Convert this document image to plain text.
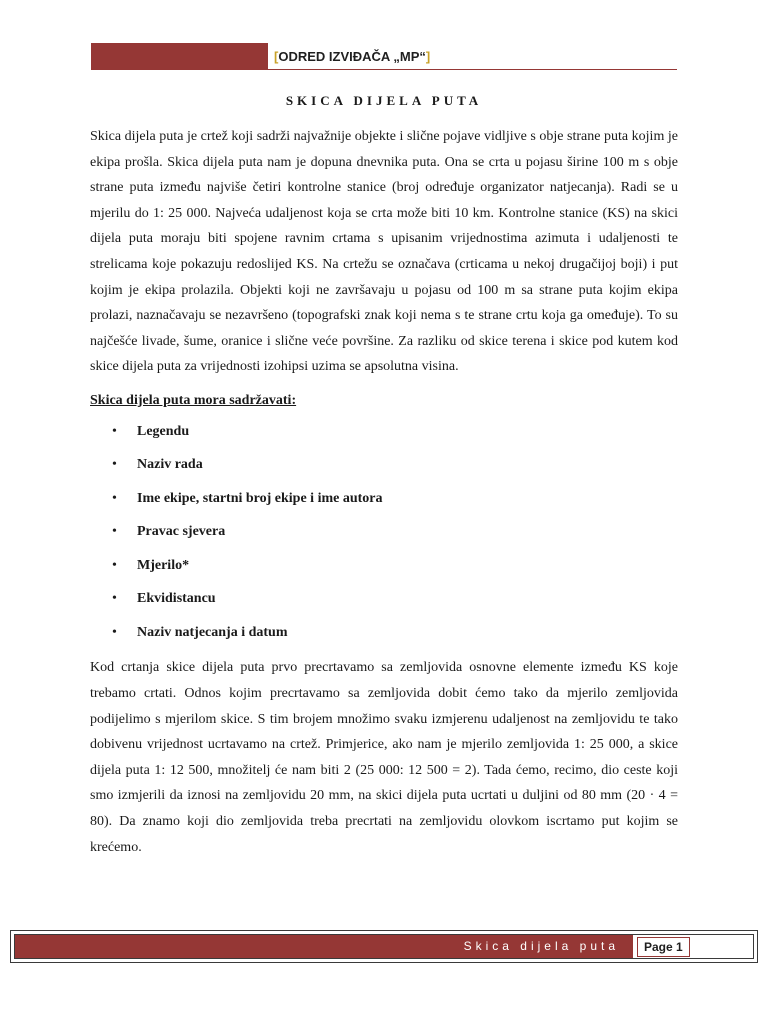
[ODRED IZVIĐAČA „MP“]
SKICA DIJELA PUTA

Skica dijela puta je crtež koji sadrži najvažnije objekte i slične pojave vidljive s obje strane puta kojim je ekipa prošla. Skica dijela puta nam je dopuna dnevnika puta. Ona se crta u pojasu širine 100 m s obje strane puta između najviše četiri kontrolne stanice (broj određuje organizator natjecanja). Radi se u mjerilu do 1: 25 000. Najveća udaljenost koja se crta može biti 10 km. Kontrolne stanice (KS) na skici dijela puta moraju biti spojene ravnim crtama s upisanim vrijednostima azimuta i udaljenosti te strelicama koje pokazuju redoslijed KS. Na crtežu se označava (crticama u nekoj drugačijoj boji) i put kojim je ekipa prolazila. Objekti koji ne završavaju u pojasu od 100 m sa strane puta kojim ekipa prolazi, naznačavaju se nezavršeno (topografski znak koji nema s te strane crtu koja ga omeđuje). To su najčešće livade, šume, oranice i slične veće površine. Za razliku od skice terena i skice pod kutem kod skice dijela puta za vrijednosti izohipsi uzima se apsolutna visina.

Skica dijela puta mora sadržavati:
• Legendu
• Naziv rada
• Ime ekipe, startni broj ekipe i ime autora
• Pravac sjevera
• Mjerilo*
• Ekvidistancu
• Naziv natjecanja i datum

Kod crtanja skice dijela puta prvo precrtavamo sa zemljovida osnovne elemente između KS koje trebamo crtati. Odnos kojim precrtavamo sa zemljovida dobit ćemo tako da mjerilo zemljovida podijelimo s mjerilom skice. S tim brojem množimo svaku izmjerenu udaljenost na zemljovidu te tako dobivenu vrijednost ucrtavamo na crtež. Primjerice, ako nam je mjerilo zemljovida 1: 25 000, a skice dijela puta 1: 12 500, množitelj će nam biti 2 (25 000: 12 500 = 2). Tada ćemo, recimo, dio ceste koji smo izmjerili da iznosi na zemljovidu 20 mm, na skici dijela puta ucrtati u duljini od 80 mm (20 · 4 = 80). Da znamo koji dio zemljovida treba precrtati na zemljovidu olovkom iscrtamo put kojim se krećemo.

Skica dijela puta	Page 1
